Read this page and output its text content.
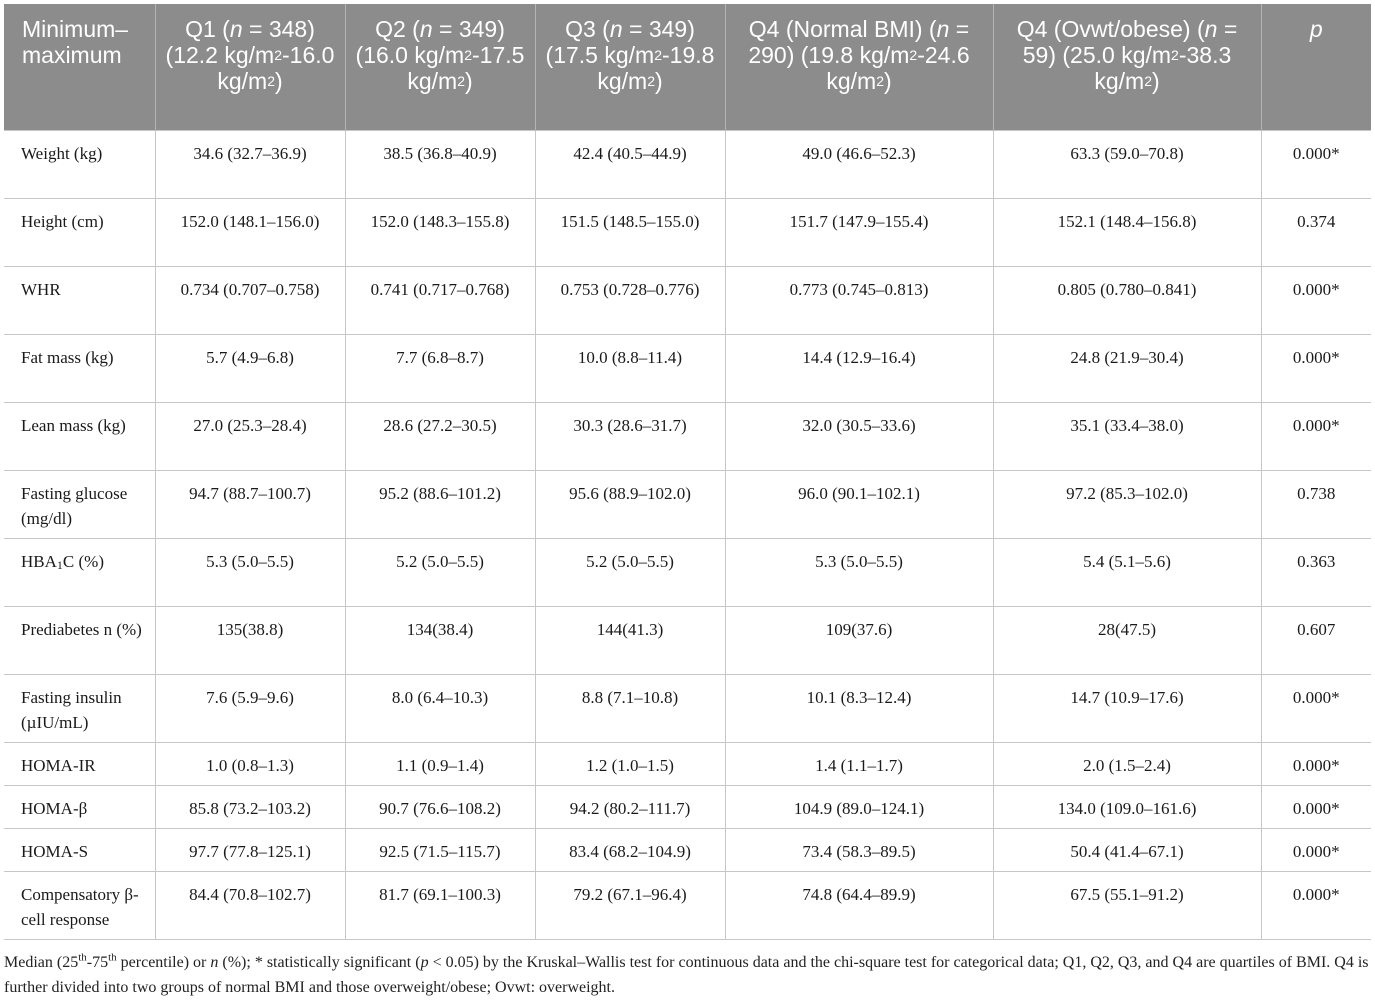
Minimum–maximum	Q1 (n = 348) (12.2 $kg/m^2-16.0$ $kg/m^2$)	Q2 (n = 349) (16.0 $kg/m^2-17.5$ $kg/m^2$)	Q3 (n = 349) (17.5 $kg/m^2-19.8$ $kg/m^2$)	Q4 (Normal BMI) (n = 290) (19.8 $kg/m^2-24.6$ $kg/m^2$)	Q4 (Ovwt/obese) (n = 59) (25.0 $kg/m^2-38.3$ $kg/m^2$)	p
Weight (kg)	34.6 (32.7–36.9)	38.5 (36.8–40.9)	42.4 (40.5–44.9)	49.0 (46.6–52.3)	63.3 (59.0–70.8)	0.000*
Height (cm)	152.0 (148.1–156.0)	152.0 (148.3–155.8)	151.5 (148.5–155.0)	151.7 (147.9–155.4)	152.1 (148.4–156.8)	0.374
WHR	0.734 (0.707–0.758)	0.741 (0.717–0.768)	0.753 (0.728–0.776)	0.773 (0.745–0.813)	0.805 (0.780–0.841)	0.000*
Fat mass (kg)	5.7 (4.9–6.8)	7.7 (6.8–8.7)	10.0 (8.8–11.4)	14.4 (12.9–16.4)	24.8 (21.9–30.4)	0.000*
Lean mass (kg)	27.0 (25.3–28.4)	28.6 (27.2–30.5)	30.3 (28.6–31.7)	32.0 (30.5–33.6)	35.1 (33.4–38.0)	0.000*
Fasting glucose (mg/dl)	94.7 (88.7–100.7)	95.2 (88.6–101.2)	95.6 (88.9–102.0)	96.0 (90.1–102.1)	97.2 (85.3–102.0)	0.738
HBA1C (%)	5.3 (5.0–5.5)	5.2 (5.0–5.5)	5.2 (5.0–5.5)	5.3 (5.0–5.5)	5.4 (5.1–5.6)	0.363
Prediabetes n (%)	135(38.8)	134(38.4)	144(41.3)	109(37.6)	28(47.5)	0.607
Fasting insulin (µIU/mL)	7.6 (5.9–9.6)	8.0 (6.4–10.3)	8.8 (7.1–10.8)	10.1 (8.3–12.4)	14.7 (10.9–17.6)	0.000*
HOMA-IR	1.0 (0.8–1.3)	1.1 (0.9–1.4)	1.2 (1.0–1.5)	1.4 (1.1–1.7)	2.0 (1.5–2.4)	0.000*
HOMA-β	85.8 (73.2–103.2)	90.7 (76.6–108.2)	94.2 (80.2–111.7)	104.9 (89.0–124.1)	134.0 (109.0–161.6)	0.000*
HOMA-S	97.7 (77.8–125.1)	92.5 (71.5–115.7)	83.4 (68.2–104.9)	73.4 (58.3–89.5)	50.4 (41.4–67.1)	0.000*
Compensatory β-cell response	84.4 (70.8–102.7)	81.7 (69.1–100.3)	79.2 (67.1–96.4)	74.8 (64.4–89.9)	67.5 (55.1–91.2)	0.000*

Median (25th-75th percentile) or n (%); * statistically significant (p < 0.05) by the Kruskal–Wallis test for continuous data and the chi-square test for categorical data; Q1, Q2, Q3, and Q4 are quartiles of BMI. Q4 is further divided into two groups of normal BMI and those overweight/obese; Ovwt: overweight.
